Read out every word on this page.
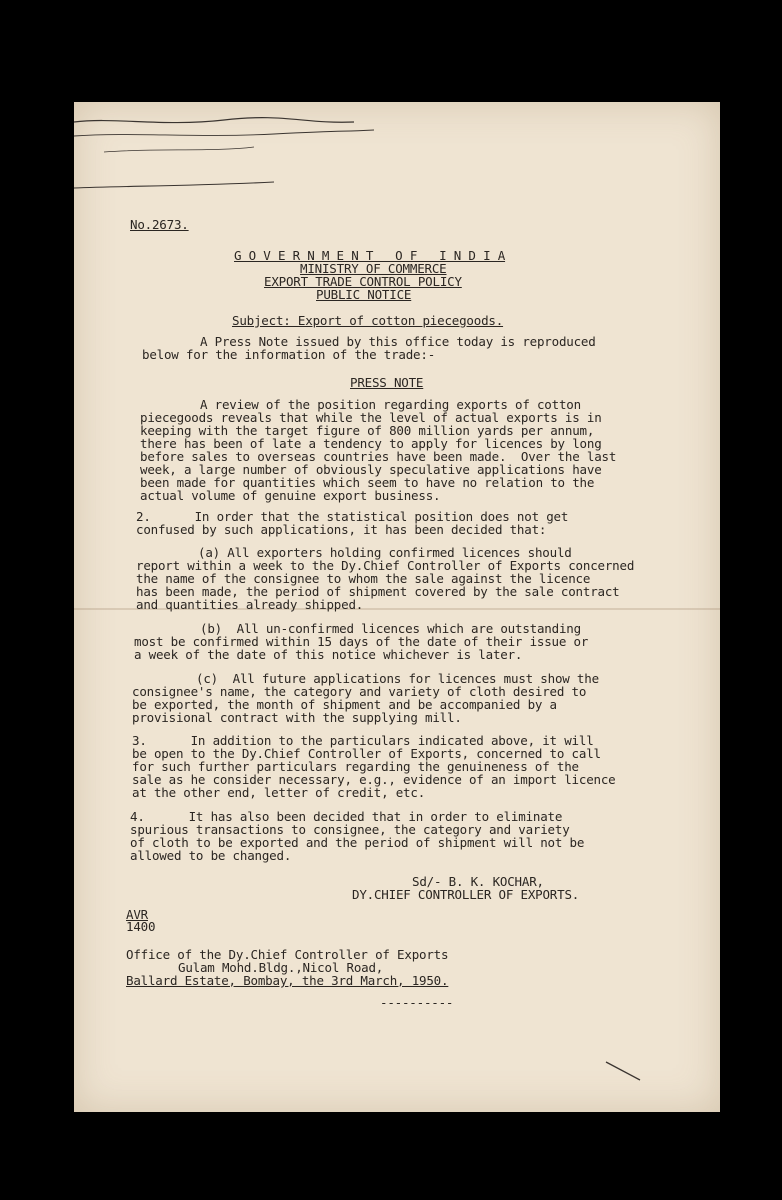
No.2673.
G O V E R N M E N T   O F   I N D I A
MINISTRY OF COMMERCE
EXPORT TRADE CONTROL POLICY
PUBLIC NOTICE
Subject: Export of cotton piecegoods.
A Press Note issued by this office today is reproduced
below for the information of the trade:-
PRESS NOTE
A review of the position regarding exports of cotton
piecegoods reveals that while the level of actual exports is in
keeping with the target figure of 800 million yards per annum,
there has been of late a tendency to apply for licences by long
before sales to overseas countries have been made.  Over the last
week, a large number of obviously speculative applications have
been made for quantities which seem to have no relation to the
actual volume of genuine export business.
2.      In order that the statistical position does not get
confused by such applications, it has been decided that:
(a) All exporters holding confirmed licences should
report within a week to the Dy.Chief Controller of Exports concerned
the name of the consignee to whom the sale against the licence
has been made, the period of shipment covered by the sale contract
and quantities already shipped.
(b)  All un-confirmed licences which are outstanding
most be confirmed within 15 days of the date of their issue or
a week of the date of this notice whichever is later.
(c)  All future applications for licences must show the
consignee's name, the category and variety of cloth desired to
be exported, the month of shipment and be accompanied by a
provisional contract with the supplying mill.
3.      In addition to the particulars indicated above, it will
be open to the Dy.Chief Controller of Exports, concerned to call
for such further particulars regarding the genuineness of the
sale as he consider necessary, e.g., evidence of an import licence
at the other end, letter of credit, etc.
4.      It has also been decided that in order to eliminate
spurious transactions to consignee, the category and variety
of cloth to be exported and the period of shipment will not be
allowed to be changed.
Sd/- B. K. KOCHAR,
DY.CHIEF CONTROLLER OF EXPORTS.
AVR
1400
Office of the Dy.Chief Controller of Exports
Gulam Mohd.Bldg.,Nicol Road,
Ballard Estate, Bombay, the 3rd March, 1950.
----------
